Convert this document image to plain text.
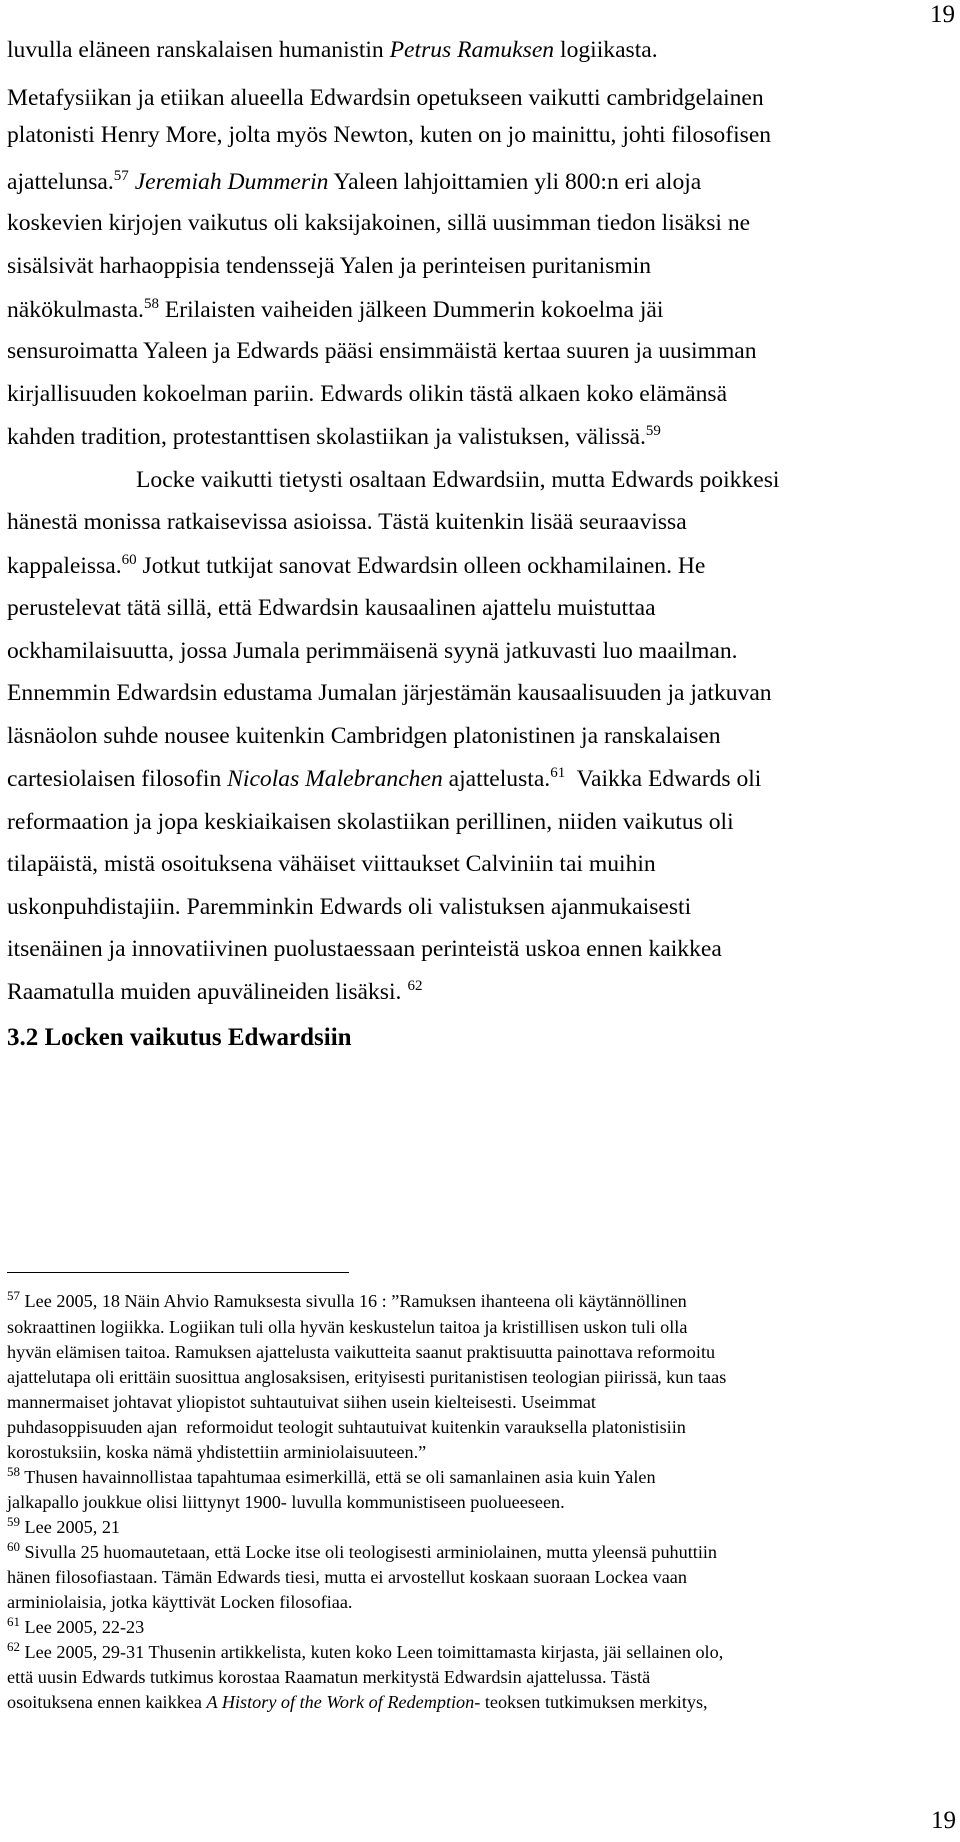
19
19
luvulla eläneen ranskalaisen humanistin Petrus Ramuksen logiikasta.
Metafysiikan ja etiikan alueella Edwardsin opetukseen vaikutti cambridgelainen
platonisti Henry More, jolta myös Newton, kuten on jo mainittu, johti filosofisen
ajattelunsa.$^{57}$ Jeremiah Dummerin Yaleen lahjoittamien yli 800:n eri aloja
koskevien kirjojen vaikutus oli kaksijakoinen, sillä uusimman tiedon lisäksi ne
sisälsivät harhaoppisia tendenssejä Yalen ja perinteisen puritanismin
näkökulmasta.$^{58}$ Erilaisten vaiheiden jälkeen Dummerin kokoelma jäi
sensuroimatta Yaleen ja Edwards pääsi ensimmäistä kertaa suuren ja uusimman
kirjallisuuden kokoelman pariin. Edwards olikin tästä alkaen koko elämänsä
kahden tradition, protestanttisen skolastiikan ja valistuksen, välissä.$^{59}$
Locke vaikutti tietysti osaltaan Edwardsiin, mutta Edwards poikkesi
hänestä monissa ratkaisevissa asioissa. Tästä kuitenkin lisää seuraavissa
kappaleissa.$^{60}$ Jotkut tutkijat sanovat Edwardsin olleen ockhamilainen. He
perustelevat tätä sillä, että Edwardsin kausaalinen ajattelu muistuttaa
ockhamilaisuutta, jossa Jumala perimmäisenä syynä jatkuvasti luo maailman.
Ennemmin Edwardsin edustama Jumalan järjestämän kausaalisuuden ja jatkuvan
läsnäolon suhde nousee kuitenkin Cambridgen platonistinen ja ranskalaisen
cartesiolaisen filosofin Nicolas Malebranchen ajattelusta.$^{61}$  Vaikka Edwards oli
reformaation ja jopa keskiaikaisen skolastiikan perillinen, niiden vaikutus oli
tilapäistä, mistä osoituksena vähäiset viittaukset Calviniin tai muihin
uskonpuhdistajiin. Paremminkin Edwards oli valistuksen ajanmukaisesti
itsenäinen ja innovatiivinen puolustaessaan perinteistä uskoa ennen kaikkea
Raamatulla muiden apuvälineiden lisäksi. $^{62}$
3.2 Locken vaikutus Edwardsiin
$^{57}$ Lee 2005, 18 Näin Ahvio Ramuksesta sivulla 16 : ”Ramuksen ihanteena oli käytännöllinen
sokraattinen logiikka. Logiikan tuli olla hyvän keskustelun taitoa ja kristillisen uskon tuli olla
hyvän elämisen taitoa. Ramuksen ajattelusta vaikutteita saanut praktisuutta painottava reformoitu
ajattelutapa oli erittäin suosittua anglosaksisen, erityisesti puritanistisen teologian piirissä, kun taas
mannermaiset johtavat yliopistot suhtautuivat siihen usein kielteisesti. Useimmat
puhdasoppisuuden ajan  reformoidut teologit suhtautuivat kuitenkin varauksella platonistisiin
korostuksiin, koska nämä yhdistettiin arminiolaisuuteen.”
$^{58}$ Thusen havainnollistaa tapahtumaa esimerkillä, että se oli samanlainen asia kuin Yalen
jalkapallo joukkue olisi liittynyt 1900- luvulla kommunistiseen puolueeseen.
$^{59}$ Lee 2005, 21
$^{60}$ Sivulla 25 huomautetaan, että Locke itse oli teologisesti arminiolainen, mutta yleensä puhuttiin
hänen filosofiastaan. Tämän Edwards tiesi, mutta ei arvostellut koskaan suoraan Lockea vaan
arminiolaisia, jotka käyttivät Locken filosofiaa.
$^{61}$ Lee 2005, 22-23
$^{62}$ Lee 2005, 29-31 Thusenin artikkelista, kuten koko Leen toimittamasta kirjasta, jäi sellainen olo,
että uusin Edwards tutkimus korostaa Raamatun merkitystä Edwardsin ajattelussa. Tästä
osoituksena ennen kaikkea A History of the Work of Redemption- teoksen tutkimuksen merkitys,
